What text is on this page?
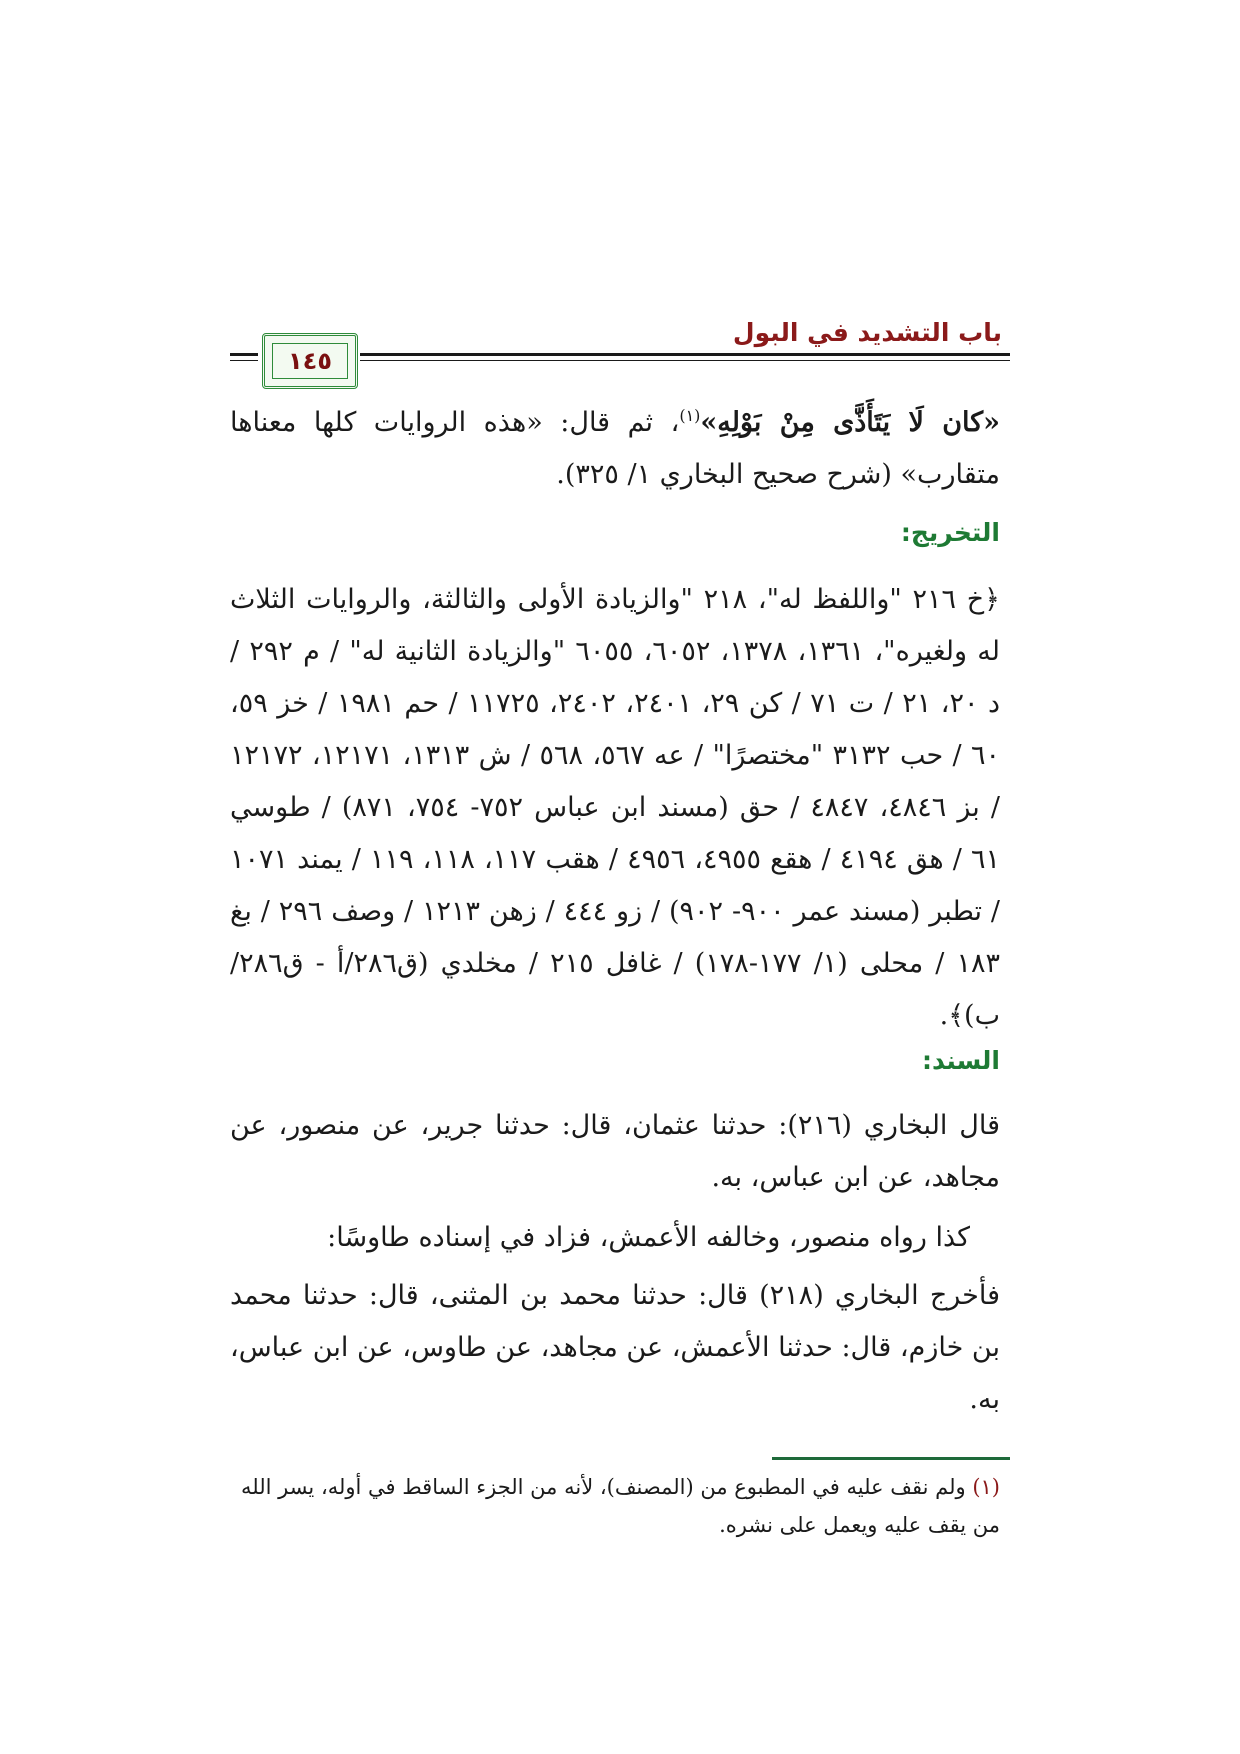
باب التشديد في البول
١٤٥
«كان لَا يَتَأَذَّى مِنْ بَوْلِهِ»$^{(١)}$، ثم قال: «هذه الروايات كلها معناها متقارب» (شرح صحيح البخاري ١/ ٣٢٥).
التخريج:
﴿خ ٢١٦ "واللفظ له"، ٢١٨ "والزيادة الأولى والثالثة، والروايات الثلاث له ولغيره"، ١٣٦١، ١٣٧٨، ٦٠٥٢، ٦٠٥٥ "والزيادة الثانية له" / م ٢٩٢ / د ٢٠، ٢١ / ت ٧١ / كن ٢٩، ٢٤٠١، ٢٤٠٢، ١١٧٢٥ / حم ١٩٨١ / خز ٥٩، ٦٠ / حب ٣١٣٢ "مختصرًا" / عه ٥٦٧، ٥٦٨ / ش ١٣١٣، ١٢١٧١، ١٢١٧٢ / بز ٤٨٤٦، ٤٨٤٧ / حق (مسند ابن عباس ٧٥٢- ٧٥٤، ٨٧١) / طوسي ٦١ / هق ٤١٩٤ / هقع ٤٩٥٥، ٤٩٥٦ / هقب ١١٧، ١١٨، ١١٩ / يمند ١٠٧١ / تطبر (مسند عمر ٩٠٠- ٩٠٢) / زو ٤٤٤ / زهن ١٢١٣ / وصف ٢٩٦ / بغ ١٨٣ / محلى (١/ ١٧٧-١٧٨) / غافل ٢١٥ / مخلدي (ق٢٨٦/أ - ق٢٨٦/ب)﴾.
السند:
قال البخاري (٢١٦): حدثنا عثمان، قال: حدثنا جرير، عن منصور، عن مجاهد، عن ابن عباس، به.
كذا رواه منصور، وخالفه الأعمش، فزاد في إسناده طاوسًا:
فأخرج البخاري (٢١٨) قال: حدثنا محمد بن المثنى، قال: حدثنا محمد بن خازم، قال: حدثنا الأعمش، عن مجاهد، عن طاوس، عن ابن عباس، به.
(١) ولم نقف عليه في المطبوع من (المصنف)، لأنه من الجزء الساقط في أوله، يسر الله من يقف عليه ويعمل على نشره.
